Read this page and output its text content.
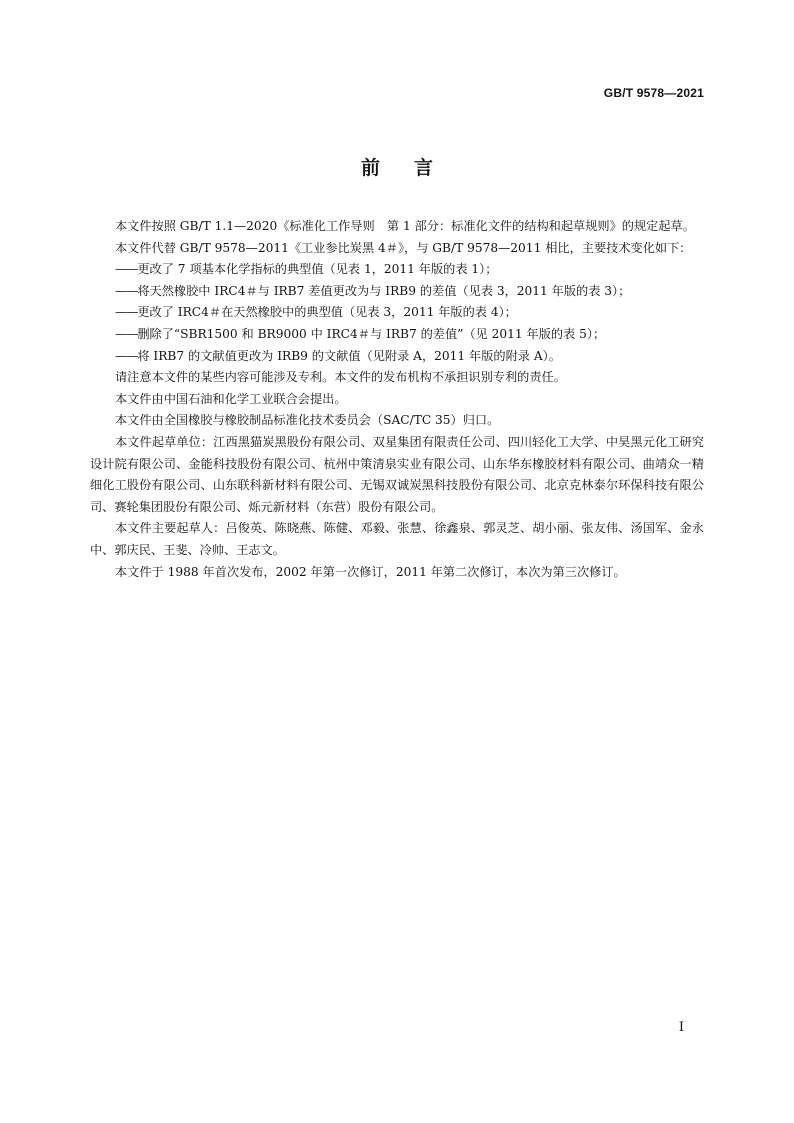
GB/T 9578—2021
前言

本文件按照 GB/T 1.1—2020《标准化工作导则　第 1 部分：标准化文件的结构和起草规则》的规定起草。

本文件代替 GB/T 9578—2011《工业参比炭黑 4＃》，与 GB/T 9578—2011 相比，主要技术变化如下：

——更改了 7 项基本化学指标的典型值（见表 1，2011 年版的表 1）；

——将天然橡胶中 IRC4＃与 IRB7 差值更改为与 IRB9 的差值（见表 3，2011 年版的表 3）；

——更改了 IRC4＃在天然橡胶中的典型值（见表 3，2011 年版的表 4）；

——删除了“SBR1500 和 BR9000 中 IRC4＃与 IRB7 的差值”（见 2011 年版的表 5）；

——将 IRB7 的文献值更改为 IRB9 的文献值（见附录 A，2011 年版的附录 A）。

请注意本文件的某些内容可能涉及专利。本文件的发布机构不承担识别专利的责任。

本文件由中国石油和化学工业联合会提出。

本文件由全国橡胶与橡胶制品标准化技术委员会（SAC/TC 35）归口。

本文件起草单位：江西黑猫炭黑股份有限公司、双星集团有限责任公司、四川轻化工大学、中昊黑元化工研究设计院有限公司、金能科技股份有限公司、杭州中策清泉实业有限公司、山东华东橡胶材料有限公司、曲靖众一精细化工股份有限公司、山东联科新材料有限公司、无锡双诚炭黑科技股份有限公司、北京克林泰尔环保科技有限公司、赛轮集团股份有限公司、烁元新材料（东营）股份有限公司。

本文件主要起草人：吕俊英、陈晓燕、陈健、邓毅、张慧、徐鑫泉、郭灵芝、胡小丽、张友伟、汤国军、金永中、郭庆民、王斐、冷帅、王志文。

本文件于 1988 年首次发布，2002 年第一次修订，2011 年第二次修订，本次为第三次修订。

I
